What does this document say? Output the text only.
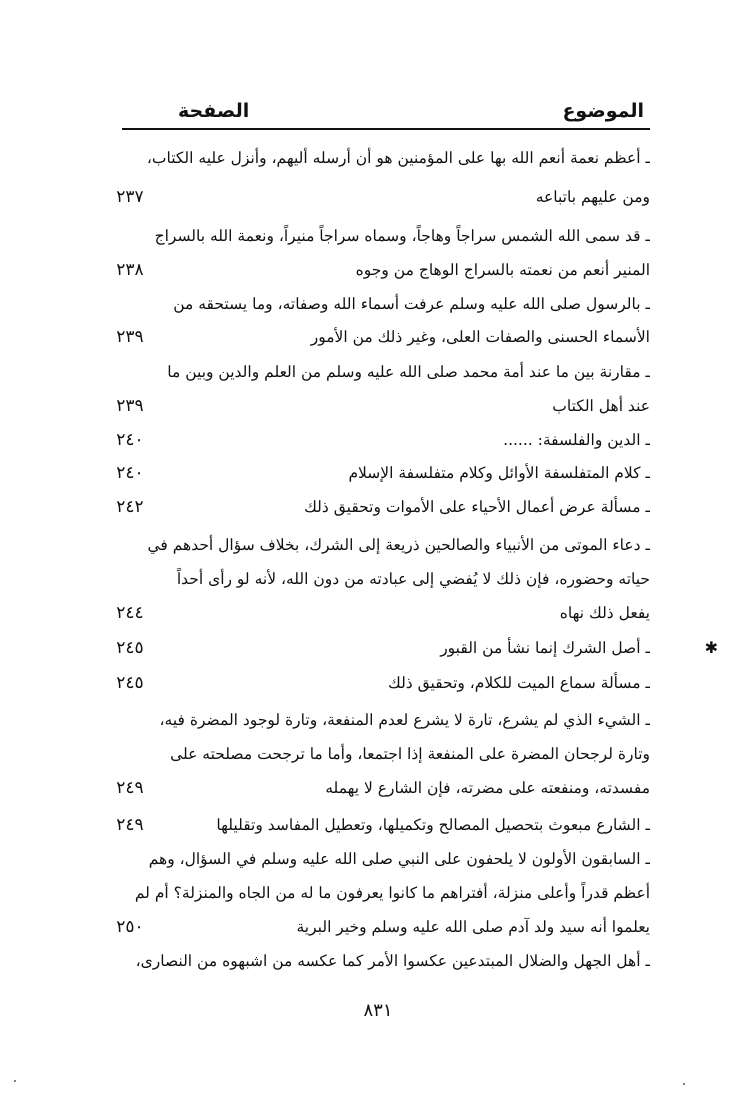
الموضوع
الصفحة
ـ أعظم نعمة أنعم الله بها على المؤمنين هو أن أرسله أليهم، وأنزل عليه الكتاب،
ومن عليهم باتباعه
٢٣٧
ـ قد سمى الله الشمس سراجاً وهاجاً، وسماه سراجاً منيراً، ونعمة الله بالسراج
المنير أنعم من نعمته بالسراج الوهاج من وجوه
٢٣٨
ـ بالرسول صلى الله عليه وسلم عرفت أسماء الله وصفاته، وما يستحقه من
الأسماء الحسنى والصفات العلى، وغير ذلك من الأمور
٢٣٩
ـ مقارنة بين ما عند أمة محمد صلى الله عليه وسلم من العلم والدين وبين ما
عند أهل الكتاب
٢٣٩
ـ الدين والفلسفة: ......
٢٤٠
ـ كلام المتفلسفة الأوائل وكلام متفلسفة الإسلام
٢٤٠
ـ مسألة عرض أعمال الأحياء على الأموات وتحقيق ذلك
٢٤٢
ـ دعاء الموتى من الأنبياء والصالحين ذريعة إلى الشرك، بخلاف سؤال أحدهم في
حياته وحضوره، فإن ذلك لا يُفضي إلى عبادته من دون الله، لأنه لو رأى أحداً
يفعل ذلك نهاه
٢٤٤
ـ أصل الشرك إنما نشأ من القبور
٢٤٥	✱
ـ مسألة سماع الميت للكلام، وتحقيق ذلك
٢٤٥
ـ الشيء الذي لم يشرع، تارة لا يشرع لعدم المنفعة، وتارة لوجود المضرة فيه،
وتارة لرجحان المضرة على المنفعة إذا اجتمعا، وأما ما ترجحت مصلحته على
مفسدته، ومنفعته على مضرته، فإن الشارع لا يهمله
٢٤٩
ـ الشارع مبعوث بتحصيل المصالح وتكميلها، وتعطيل المفاسد وتقليلها
٢٤٩
ـ السابقون الأولون لا يلحفون على النبي صلى الله عليه وسلم في السؤال، وهم
أعظم قدراً وأعلى منزلة، أفتراهم ما كانوا يعرفون ما له من الجاه والمنزلة؟ أم لم
يعلموا أنه سيد ولد آدم صلى الله عليه وسلم وخير البرية
٢٥٠
ـ أهل الجهل والضلال المبتدعين عكسوا الأمر كما عكسه من اشبهوه من النصارى،
٨٣١
